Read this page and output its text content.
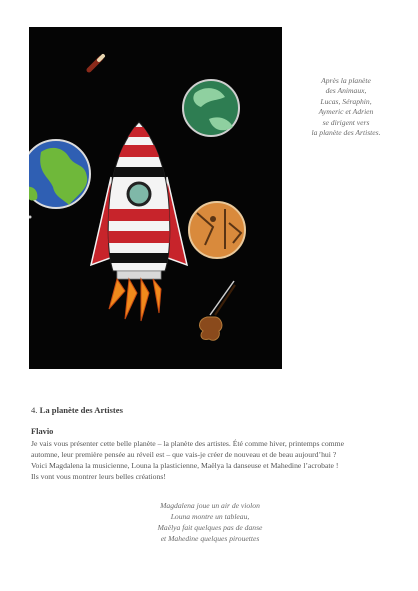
Après la planète
des Animaux,
Lucas, Séraphin,
Aymeric et Adrien
se dirigent vers
la planète des Artistes.
4. La planète des Artistes
Flavio
Je vais vous présenter cette belle planète – la planète des artistes. Été comme hiver, printemps comme
automne, leur première pensée au réveil est – que vais-je créer de nouveau et de beau aujourd’hui ?
Voici Magdalena la musicienne, Louna la plasticienne, Maëlya la danseuse et Mahedine l’acrobate !
Ils vont vous montrer leurs belles créations!
Magdalena joue un air de violon
Louna montre un tableau,
Maëlya fait quelques pas de danse
et Mahedine quelques pirouettes
